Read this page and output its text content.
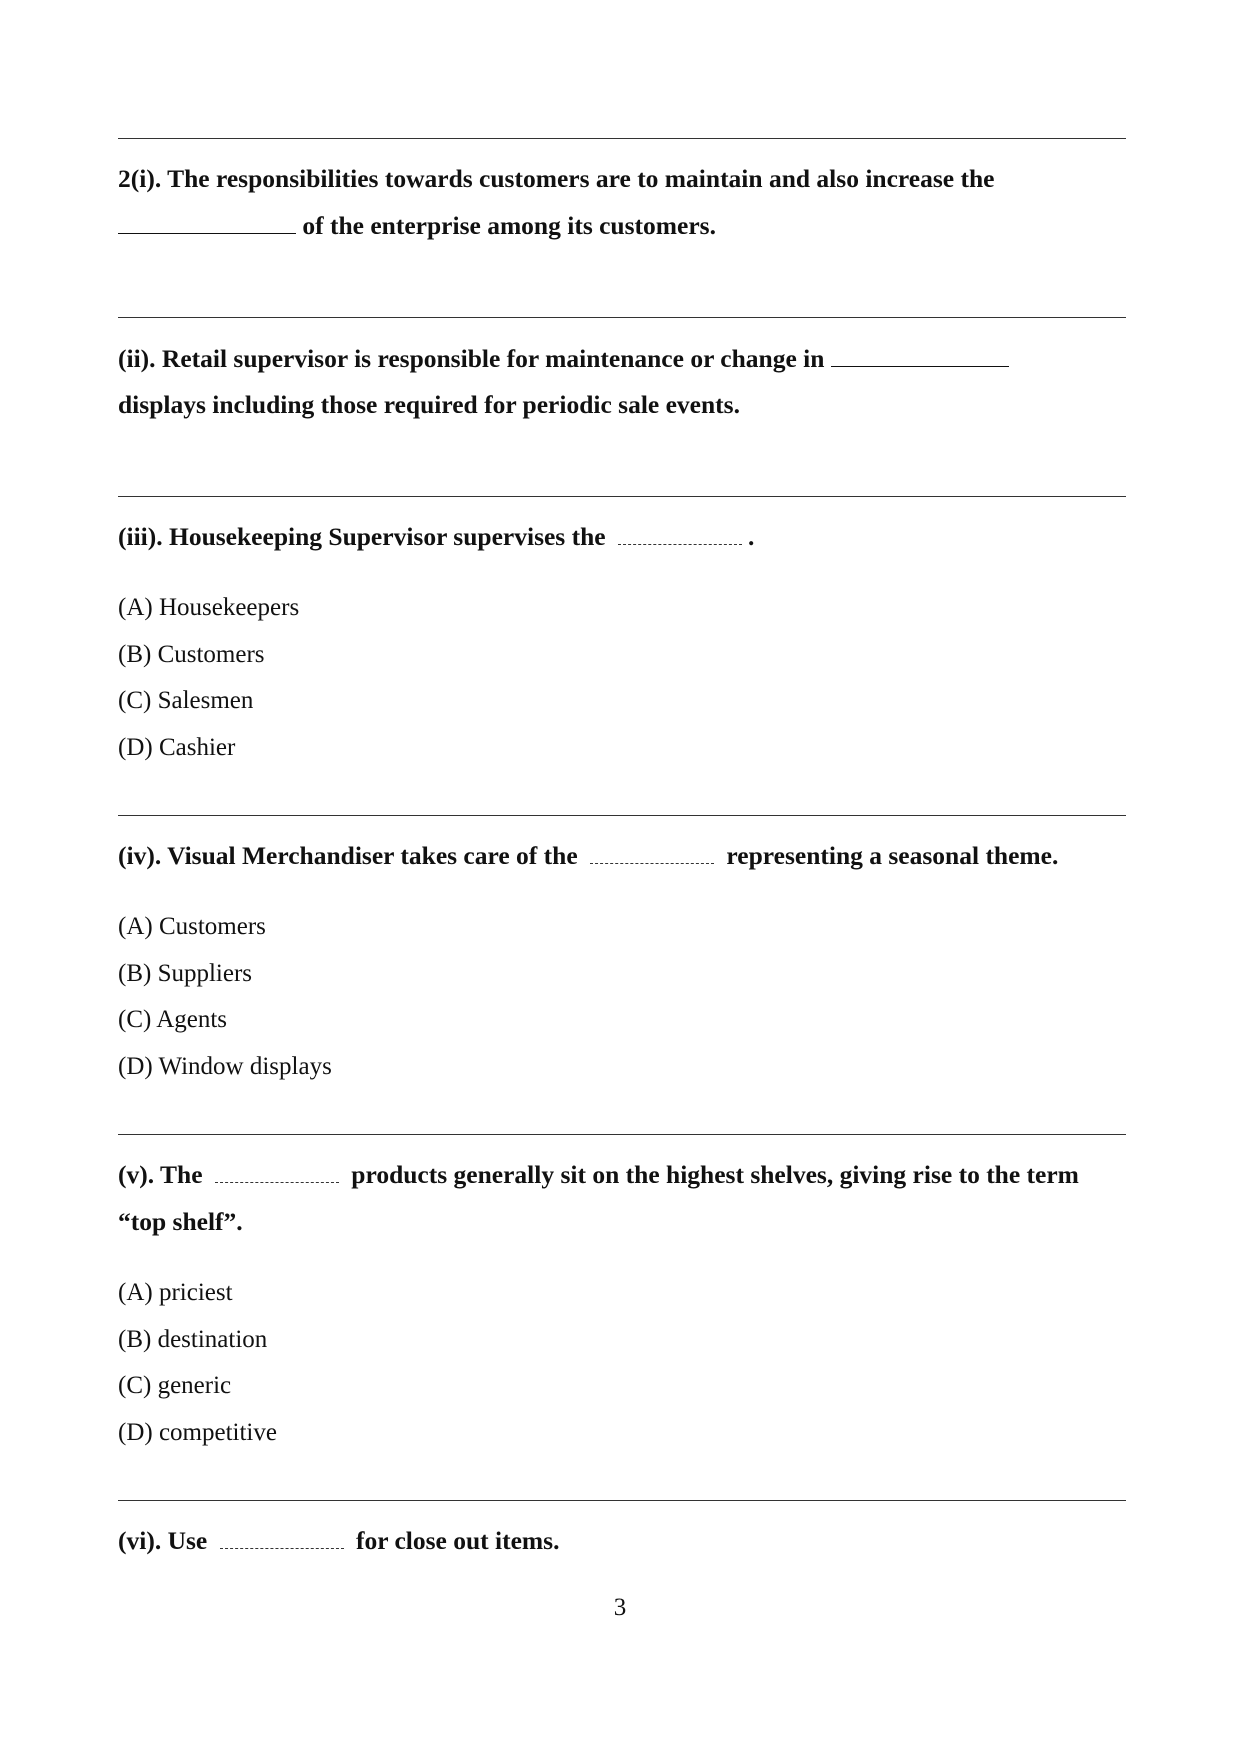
2(i). The responsibilities towards customers are to maintain and also increase the
of the enterprise among its customers.
(ii). Retail supervisor is responsible for maintenance or change in
displays including those required for periodic sale events.
(iii). Housekeeping Supervisor supervises the	.
(A) Housekeepers
(B) Customers
(C) Salesmen
(D) Cashier
(iv). Visual Merchandiser takes care of the	representing a seasonal theme.
(A) Customers
(B) Suppliers
(C) Agents
(D) Window displays
(v). The	products generally sit on the highest shelves, giving rise to the term
“top shelf”.
(A) priciest
(B) destination
(C) generic
(D) competitive
(vi). Use	for close out items.
3
